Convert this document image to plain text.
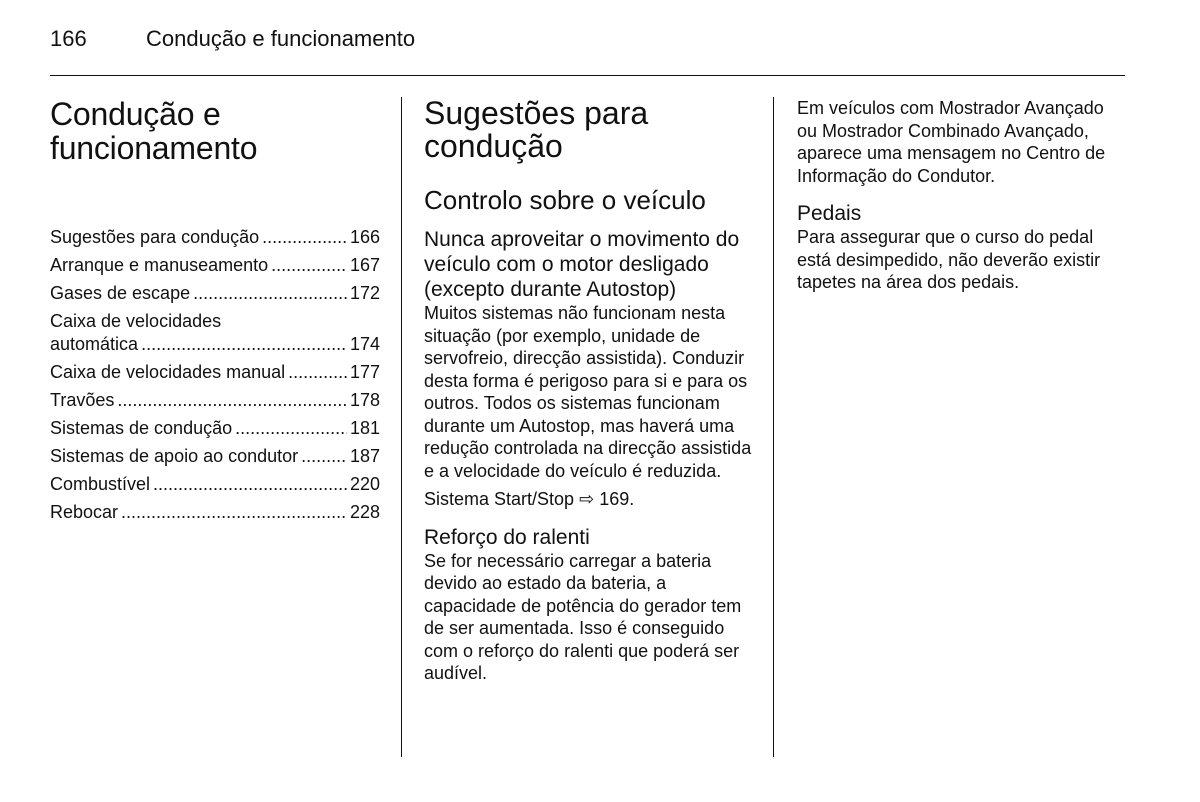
166	Condução e funcionamento
Condução e
funcionamento
Sugestões para condução .....	166
Arranque e manuseamento .....	167
Gases de escape .....	172
Caixa de velocidades
automática .....	174
Caixa de velocidades manual .....	177
Travões .....	178
Sistemas de condução .....	181
Sistemas de apoio ao condutor .....	187
Combustível .....	220
Rebocar .....	228
Sugestões para
condução
Controlo sobre o veículo
Nunca aproveitar o movimento do veículo com o motor desligado (excepto durante Autostop)

Muitos sistemas não funcionam nesta situação (por exemplo, unidade de servofreio, direcção assistida). Conduzir desta forma é perigoso para si e para os outros. Todos os sistemas funcionam durante um Autostop, mas haverá uma redução controlada na direcção assistida e a velocidade do veículo é reduzida.

Sistema Start/Stop ⇨ 169.

Reforço do ralenti

Se for necessário carregar a bateria devido ao estado da bateria, a capacidade de potência do gerador tem de ser aumentada. Isso é conseguido com o reforço do ralenti que poderá ser audível.

Em veículos com Mostrador Avançado ou Mostrador Combinado Avançado, aparece uma mensagem no Centro de Informação do Condutor.

Pedais

Para assegurar que o curso do pedal está desimpedido, não deverão existir tapetes na área dos pedais.
